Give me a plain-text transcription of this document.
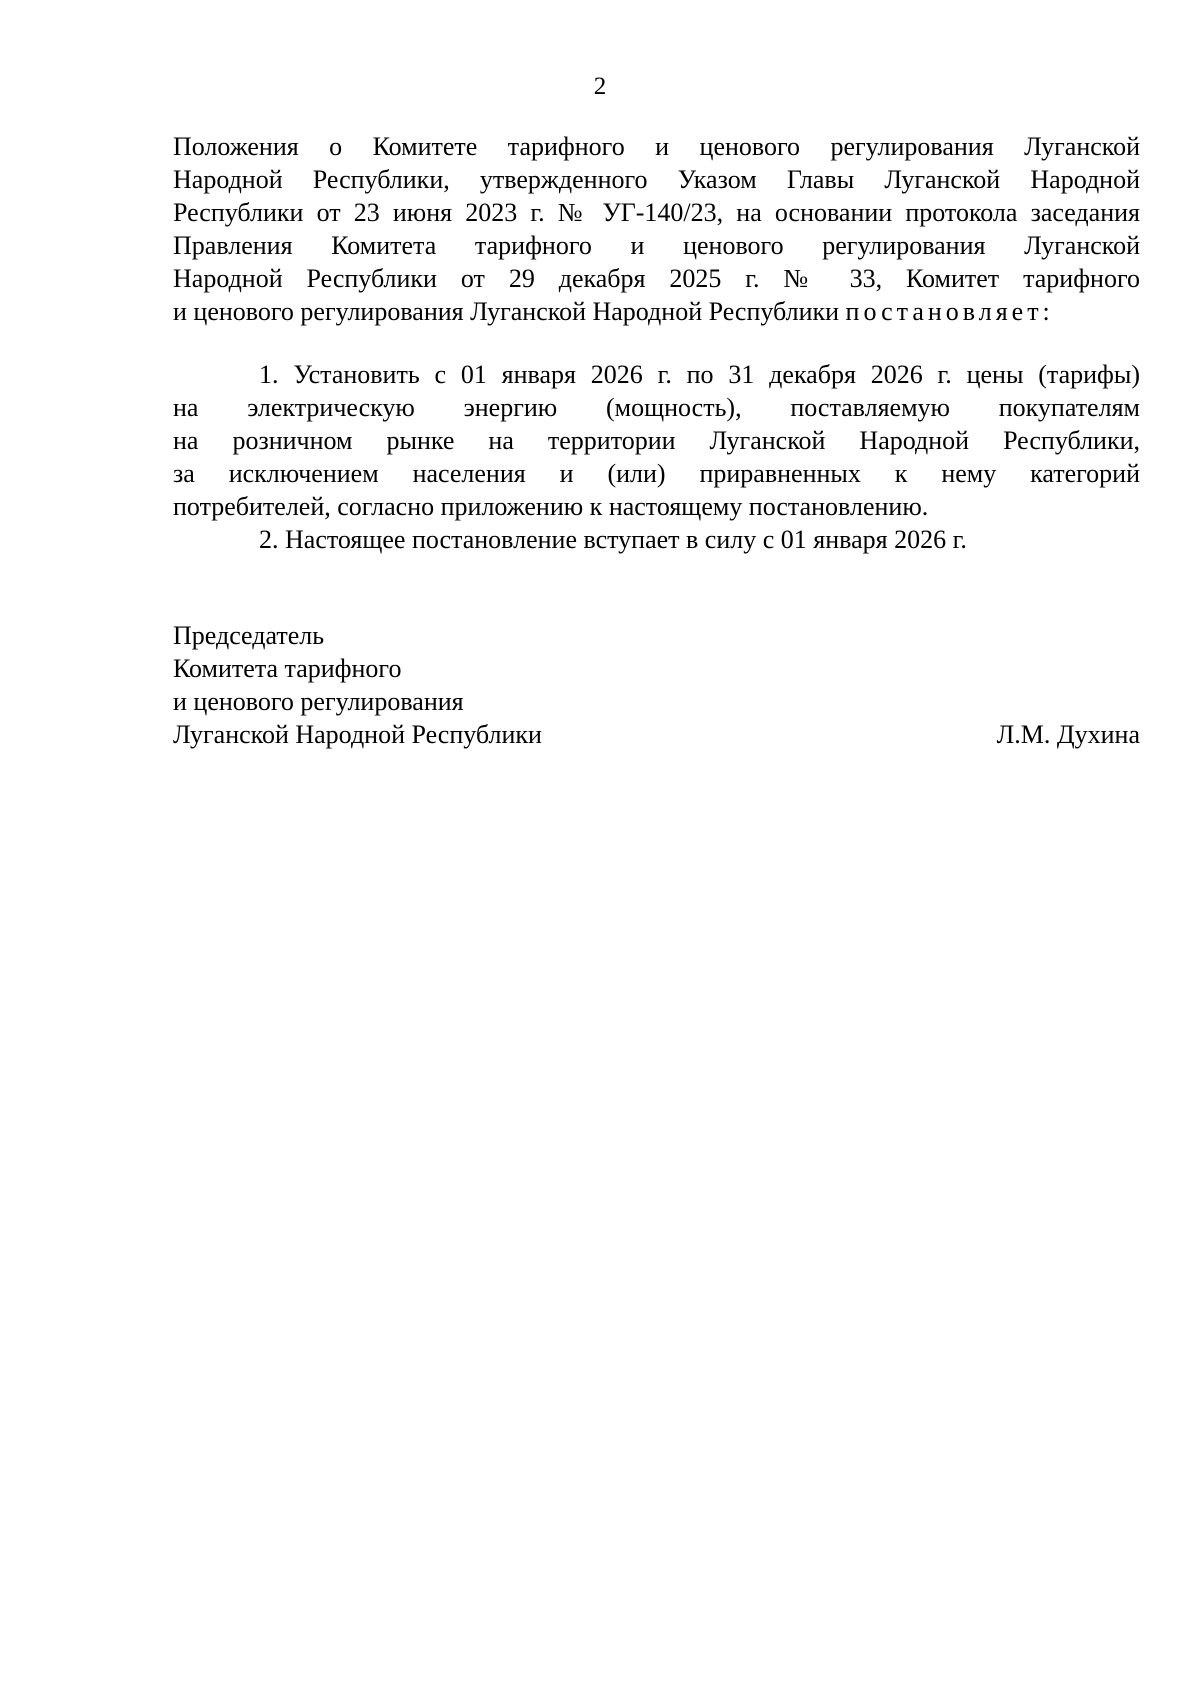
2
Положения о Комитете тарифного и ценового регулирования Луганской
Народной Республики, утвержденного Указом Главы Луганской Народной
Республики от 23 июня 2023 г. № УГ-140/23, на основании протокола заседания
Правления Комитета тарифного и ценового регулирования Луганской
Народной Республики от 29 декабря 2025 г. № 33, Комитет тарифного
и ценового регулирования Луганской Народной Республики постановляет:
1. Установить с 01 января 2026 г. по 31 декабря 2026 г. цены (тарифы)
на электрическую энергию (мощность), поставляемую покупателям
на розничном рынке на территории Луганской Народной Республики,
за исключением населения и (или) приравненных к нему категорий
потребителей, согласно приложению к настоящему постановлению.
2. Настоящее постановление вступает в силу с 01 января 2026 г.
Председатель
Комитета тарифного
и ценового регулирования
Луганской Народной Республики	Л.М. Духина
